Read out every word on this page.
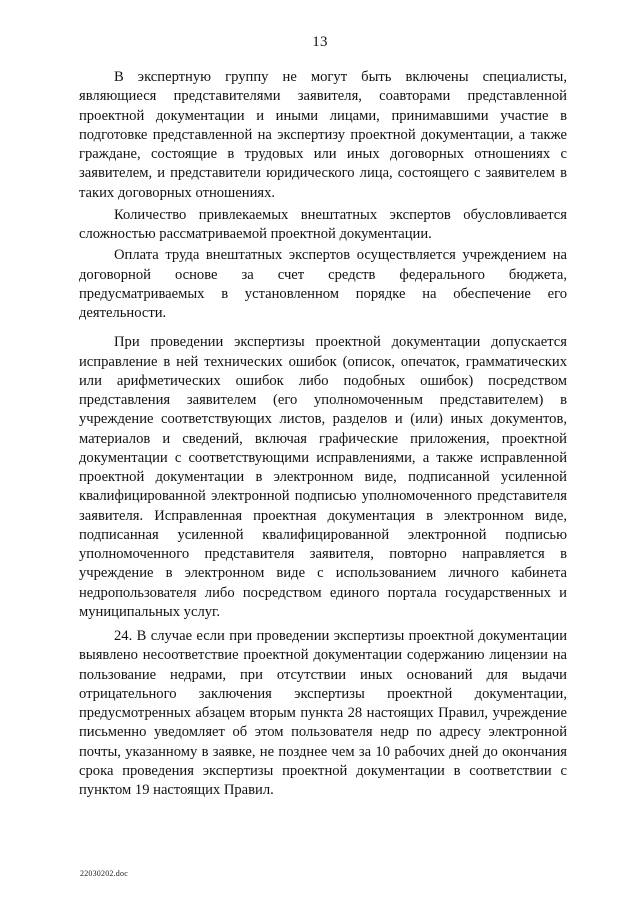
13

В экспертную группу не могут быть включены специалисты, являющиеся представителями заявителя, соавторами представленной проектной документации и иными лицами, принимавшими участие в подготовке представленной на экспертизу проектной документации, а также граждане, состоящие в трудовых или иных договорных отношениях с заявителем, и представители юридического лица, состоящего с заявителем в таких договорных отношениях.

Количество привлекаемых внештатных экспертов обусловливается сложностью рассматриваемой проектной документации.

Оплата труда внештатных экспертов осуществляется учреждением на договорной основе за счет средств федерального бюджета, предусматриваемых в установленном порядке на обеспечение его деятельности.

При проведении экспертизы проектной документации допускается исправление в ней технических ошибок (описок, опечаток, грамматических или арифметических ошибок либо подобных ошибок) посредством представления заявителем (его уполномоченным представителем) в учреждение соответствующих листов, разделов и (или) иных документов, материалов и сведений, включая графические приложения, проектной документации с соответствующими исправлениями, а также исправленной проектной документации в электронном виде, подписанной усиленной квалифицированной электронной подписью уполномоченного представителя заявителя. Исправленная проектная документация в электронном виде, подписанная усиленной квалифицированной электронной подписью уполномоченного представителя заявителя, повторно направляется в учреждение в электронном виде с использованием личного кабинета недропользователя либо посредством единого портала государственных и муниципальных услуг.

24. В случае если при проведении экспертизы проектной документации выявлено несоответствие проектной документации содержанию лицензии на пользование недрами, при отсутствии иных оснований для выдачи отрицательного заключения экспертизы проектной документации, предусмотренных абзацем вторым пункта 28 настоящих Правил, учреждение письменно уведомляет об этом пользователя недр по адресу электронной почты, указанному в заявке, не позднее чем за 10 рабочих дней до окончания срока проведения экспертизы проектной документации в соответствии с пунктом 19 настоящих Правил.

22030202.doc
